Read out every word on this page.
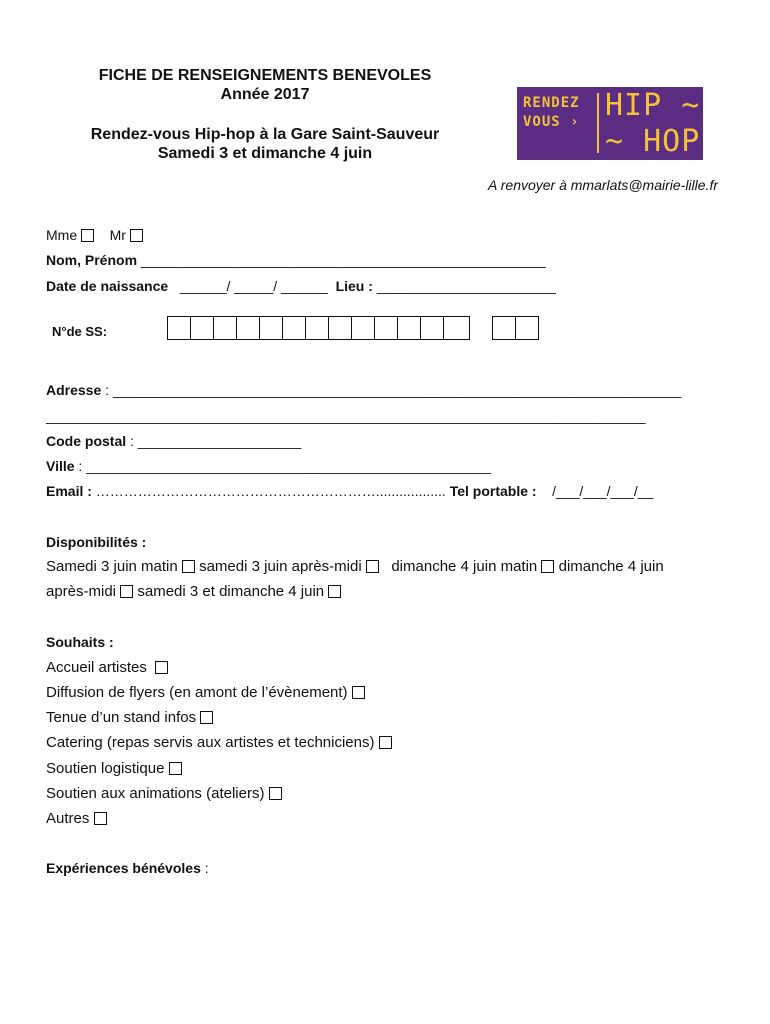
FICHE DE RENSEIGNEMENTS BENEVOLES
Année 2017
Rendez-vous Hip-hop à la Gare Saint-Sauveur
Samedi 3 et dimanche 4 juin
RENDEZ
VOUS › HIP ~
~ HOP
A renvoyer à mmarlats@mairie-lille.fr
Mme Mr
Nom, Prénom ____________________________________________________
Date de naissance ______/ _____/ ______ Lieu : _______________________
N°de SS:
Adresse : _________________________________________________________________________
_____________________________________________________________________________
Code postal : _____________________
Ville : ____________________________________________________
Email : …………………………………………………….................. Tel portable : /___/___/___/__
Disponibilités :
Samedi 3 juin matin samedi 3 juin après-midi dimanche 4 juin matin dimanche 4 juin
après-midi samedi 3 et dimanche 4 juin
Souhaits :
Accueil artistes
Diffusion de flyers (en amont de l’évènement)
Tenue d’un stand infos
Catering (repas servis aux artistes et techniciens)
Soutien logistique
Soutien aux animations (ateliers)
Autres
Expériences bénévoles :
